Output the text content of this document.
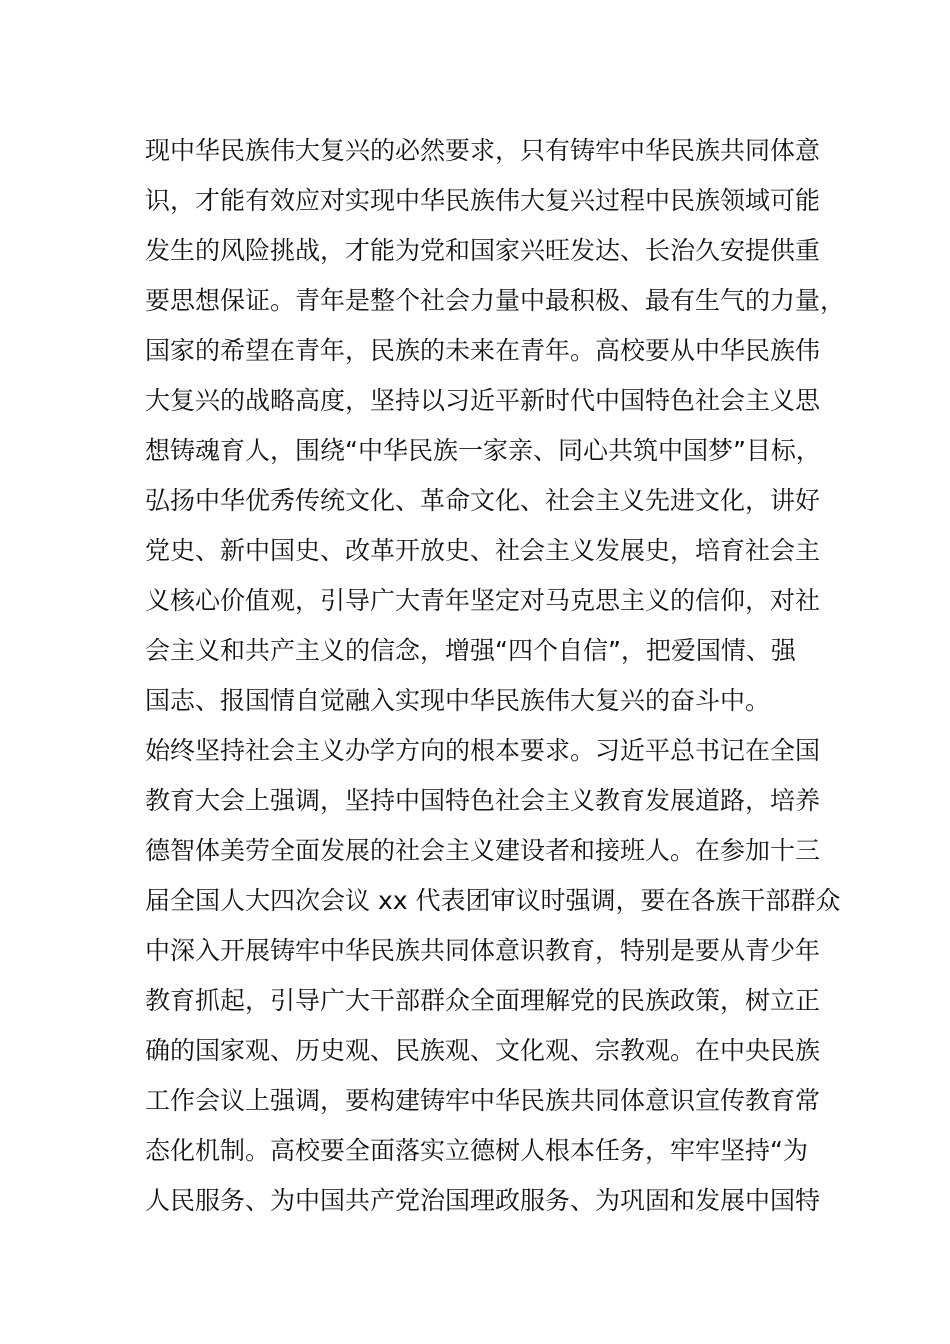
现中华民族伟大复兴的必然要求，只有铸牢中华民族共同体意
识，才能有效应对实现中华民族伟大复兴过程中民族领域可能
发生的风险挑战，才能为党和国家兴旺发达、长治久安提供重
要思想保证。青年是整个社会力量中最积极、最有生气的力量，
国家的希望在青年，民族的未来在青年。高校要从中华民族伟
大复兴的战略高度，坚持以习近平新时代中国特色社会主义思
想铸魂育人，围绕“中华民族一家亲、同心共筑中国梦”目标，
弘扬中华优秀传统文化、革命文化、社会主义先进文化，讲好
党史、新中国史、改革开放史、社会主义发展史，培育社会主
义核心价值观，引导广大青年坚定对马克思主义的信仰，对社
会主义和共产主义的信念，增强“四个自信”，把爱国情、强
国志、报国情自觉融入实现中华民族伟大复兴的奋斗中。
始终坚持社会主义办学方向的根本要求。习近平总书记在全国
教育大会上强调，坚持中国特色社会主义教育发展道路，培养
德智体美劳全面发展的社会主义建设者和接班人。在参加十三
届全国人大四次会议 xx 代表团审议时强调，要在各族干部群众
中深入开展铸牢中华民族共同体意识教育，特别是要从青少年
教育抓起，引导广大干部群众全面理解党的民族政策，树立正
确的国家观、历史观、民族观、文化观、宗教观。在中央民族
工作会议上强调，要构建铸牢中华民族共同体意识宣传教育常
态化机制。高校要全面落实立德树人根本任务，牢牢坚持“为
人民服务、为中国共产党治国理政服务、为巩固和发展中国特
